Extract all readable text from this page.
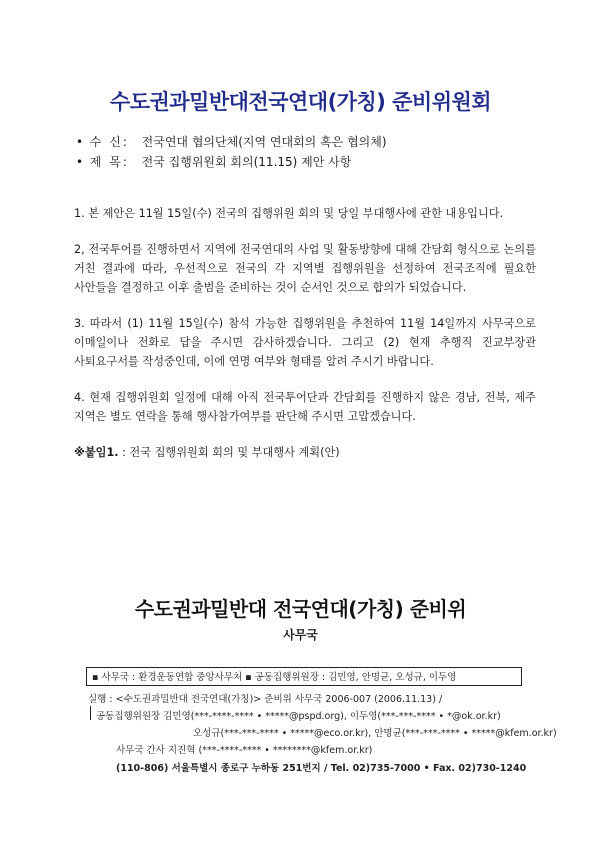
수도권과밀반대전국연대(가칭) 준비위원회
• 수 신: 전국연대 협의단체(지역 연대회의 혹은 협의체)
• 제 목: 전국 집행위원회 회의(11.15) 제안 사항

1. 본 제안은 11월 15일(수) 전국의 집행위원 회의 및 당일 부대행사에 관한 내용입니다.

2, 전국투어를 진행하면서 지역에 전국연대의 사업 및 활동방향에 대해 간담회 형식으로 논의를 거친 결과에 따라, 우선적으로 전국의 각 지역별 집행위원을 선정하여 전국조직에 필요한 사안들을 결정하고 이후 출범을 준비하는 것이 순서인 것으로 합의가 되었습니다.

3. 따라서 (1) 11월 15일(수) 참석 가능한 집행위원을 추천하여 11월 14일까지 사무국으로 이메일이나 전화로 답을 주시면 감사하겠습니다. 그리고 (2) 현재 추행직 진교부장관 사퇴요구서를 작성중인데, 이에 연명 여부와 형태를 알려 주시기 바랍니다.

4. 현재 집행위원회 일정에 대해 아직 전국투어단과 간담회를 진행하지 않은 경남, 전북, 제주 지역은 별도 연락을 통해 행사참가여부를 판단해 주시면 고맙겠습니다.

※붙임1. : 전국 집행위원회 회의 및 부대행사 계획(안)
수도권과밀반대 전국연대(가칭) 준비위
사무국
▪ 사무국 : 환경운동연합 중앙사무처 ▪ 공동집행위원장 : 김민영, 안명균, 오성규, 이두영
실행 : <수도권과밀반대 전국연대(가칭)> 준비위 사무국 2006-007 (2006.11.13) /
공동집행위원장 김민영(***-****-**** • *****@pspd.org), 이두영(***-***-**** • *@ok.or.kr)
오성규(***-***-**** • *****@eco.or.kr), 안명균(***-***-**** • *****@kfem.or.kr)
사무국 간사 지진혁 (***-****-**** • ********@kfem.or.kr)
(110-806) 서울특별시 종로구 누하동 251번지 / Tel. 02)735-7000 • Fax. 02)730-1240
